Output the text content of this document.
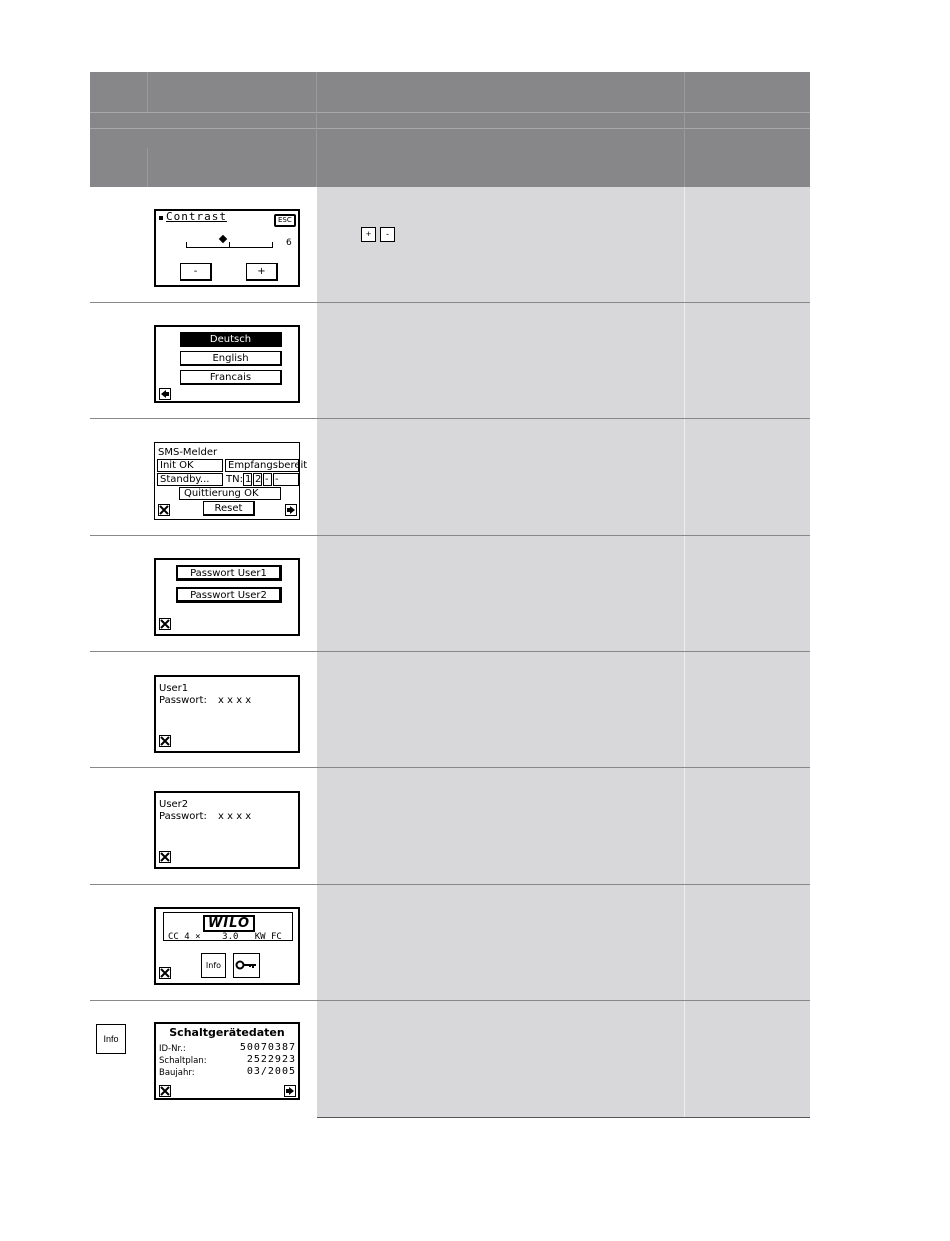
Contrast	ESC
6
-	+
+	-
Deutsch
English
Francais
SMS-Melder
Init OK	Empfangsbereit
Standby...	TN: 1 2 - -
Quittierung OK
Reset
Passwort User1
Passwort User2
User1
Passwort: x x x x
User2
Passwort: x x x x
WILO
CC 4 ×    3.0   KW FC
Info
Info	Schaltgerätedaten
ID-Nr.:	50070387
Schaltplan:	2522923
Baujahr:	03/2005
